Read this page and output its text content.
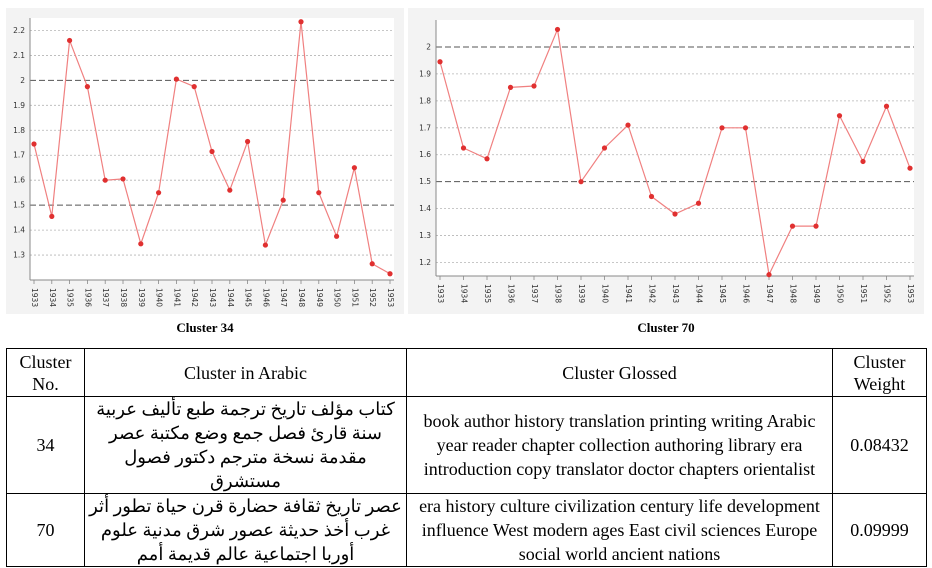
1.3
1.4
1.5
1.6
1.7
1.8
1.9
2
2.1
2.2
1933 1934 1935 1936 1937 1938 1939 1940 1941 1942 1943 1944 1945 1946 1947 1948 1949 1950 1951 1952 1953
1.2
1.3
1.4
1.5
1.6
1.7
1.8
1.9
2
1933 1934 1935 1936 1937 1938 1939 1940 1941 1942 1943 1944 1945 1946 1947 1948 1949 1950 1951 1952 1953
Cluster 34	Cluster 70
Cluster No.	Cluster in Arabic	Cluster Glossed	Cluster Weight
34	كتاب مؤلف تاريخ ترجمة طبع تأليف عربية سنة قارئ فصل جمع وضع مكتبة عصر مقدمة نسخة مترجم دكتور فصول مستشرق	book author history translation printing writing Arabic year reader chapter collection authoring library era introduction copy translator doctor chapters orientalist	0.08432
70	عصر تاريخ ثقافة حضارة قرن حياة تطور أثر غرب أخذ حديثة عصور شرق مدنية علوم أوربا اجتماعية عالم قديمة أمم	era history culture civilization century life development influence West modern ages East civil sciences Europe social world ancient nations	0.09999
